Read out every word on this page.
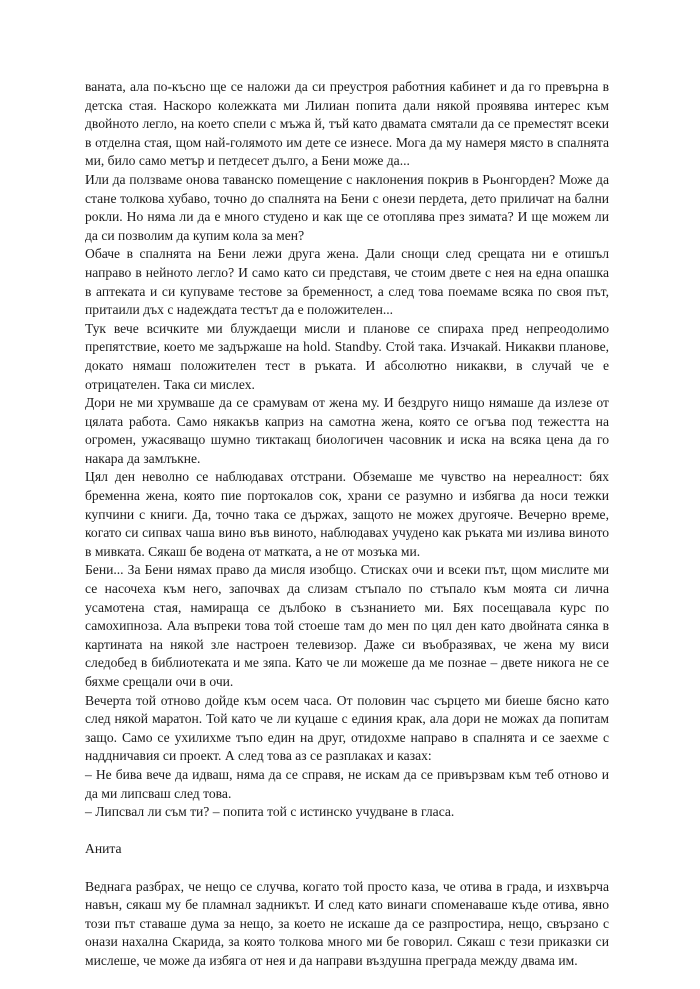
ваната, ала по-късно ще се наложи да си преустроя работния кабинет и да го превърна в детска стая. Наскоро колежката ми Лилиан попита дали някой проявява интерес към двойното легло, на което спели с мъжа й, тъй като двамата смятали да се преместят всеки в отделна стая, щом най-голямото им дете се изнесе. Мога да му намеря място в спалнята ми, било само метър и петдесет дълго, а Бени може да...

Или да ползваме онова таванско помещение с наклонения покрив в Рьонгорден? Може да стане толкова хубаво, точно до спалнята на Бени с онези пердета, дето приличат на бални рокли. Но няма ли да е много студено и как ще се отоплява през зимата? И ще можем ли да си позволим да купим кола за мен?

Обаче в спалнята на Бени лежи друга жена. Дали снощи след срещата ни е отишъл направо в нейното легло? И само като си представя, че стоим двете с нея на една опашка в аптеката и си купуваме тестове за бременност, а след това поемаме всяка по своя път, притаили дъх с надеждата тестът да е положителен...

Тук вече всичките ми блуждаещи мисли и планове се спираха пред непреодолимо препятствие, което ме задържаше на hold. Standby. Стой така. Изчакай. Никакви планове, докато нямаш положителен тест в ръката. И абсолютно никакви, в случай че е отрицателен. Така си мислех.

Дори не ми хрумваше да се срамувам от жена му. И бездруго нищо нямаше да излезе от цялата работа. Само някакъв каприз на самотна жена, която се огъва под тежестта на огромен, ужасяващо шумно тиктакащ биологичен часовник и иска на всяка цена да го накара да замлъкне.

Цял ден неволно се наблюдавах отстрани. Обземаше ме чувство на нереалност: бях бременна жена, която пие портокалов сок, храни се разумно и избягва да носи тежки купчини с книги. Да, точно така се държах, защото не можех другояче. Вечерно време, когато си сипвах чаша вино във виното, наблюдавах учудено как ръката ми излива виното в мивката. Сякаш бе водена от матката, а не от мозъка ми.

Бени... За Бени нямах право да мисля изобщо. Стисках очи и всеки път, щом мислите ми се насочеха към него, започвах да слизам стъпало по стъпало към моята си лична усамотена стая, намираща се дълбоко в съзнанието ми. Бях посещавала курс по самохипноза. Ала въпреки това той стоеше там до мен по цял ден като двойната сянка в картината на някой зле настроен телевизор. Даже си въобразявах, че жена му виси следобед в библиотеката и ме зяпа. Като че ли можеше да ме познае – двете никога не се бяхме срещали очи в очи.

Вечерта той отново дойде към осем часа. От половин час сърцето ми биеше бясно като след някой маратон. Той като че ли куцаше с единия крак, ала дори не можах да попитам защо. Само се ухилихме тъпо един на друг, отидохме направо в спалнята и се заехме с наддничавия си проект. А след това аз се разплаках и казах:

– Не бива вече да идваш, няма да се справя, не искам да се привързвам към теб отново и да ми липсваш след това.

– Липсвал ли съм ти? – попита той с истинско учудване в гласа.

Анита

Веднага разбрах, че нещо се случва, когато той просто каза, че отива в града, и изхвърча навън, сякаш му бе пламнал задникът. И след като винаги споменаваше къде отива, явно този път ставаше дума за нещо, за което не искаше да се разпростира, нещо, свързано с онази нахална Скарида, за която толкова много ми бе говорил. Сякаш с тези приказки си мислеше, че може да избяга от нея и да направи въздушна преграда между двама им.
